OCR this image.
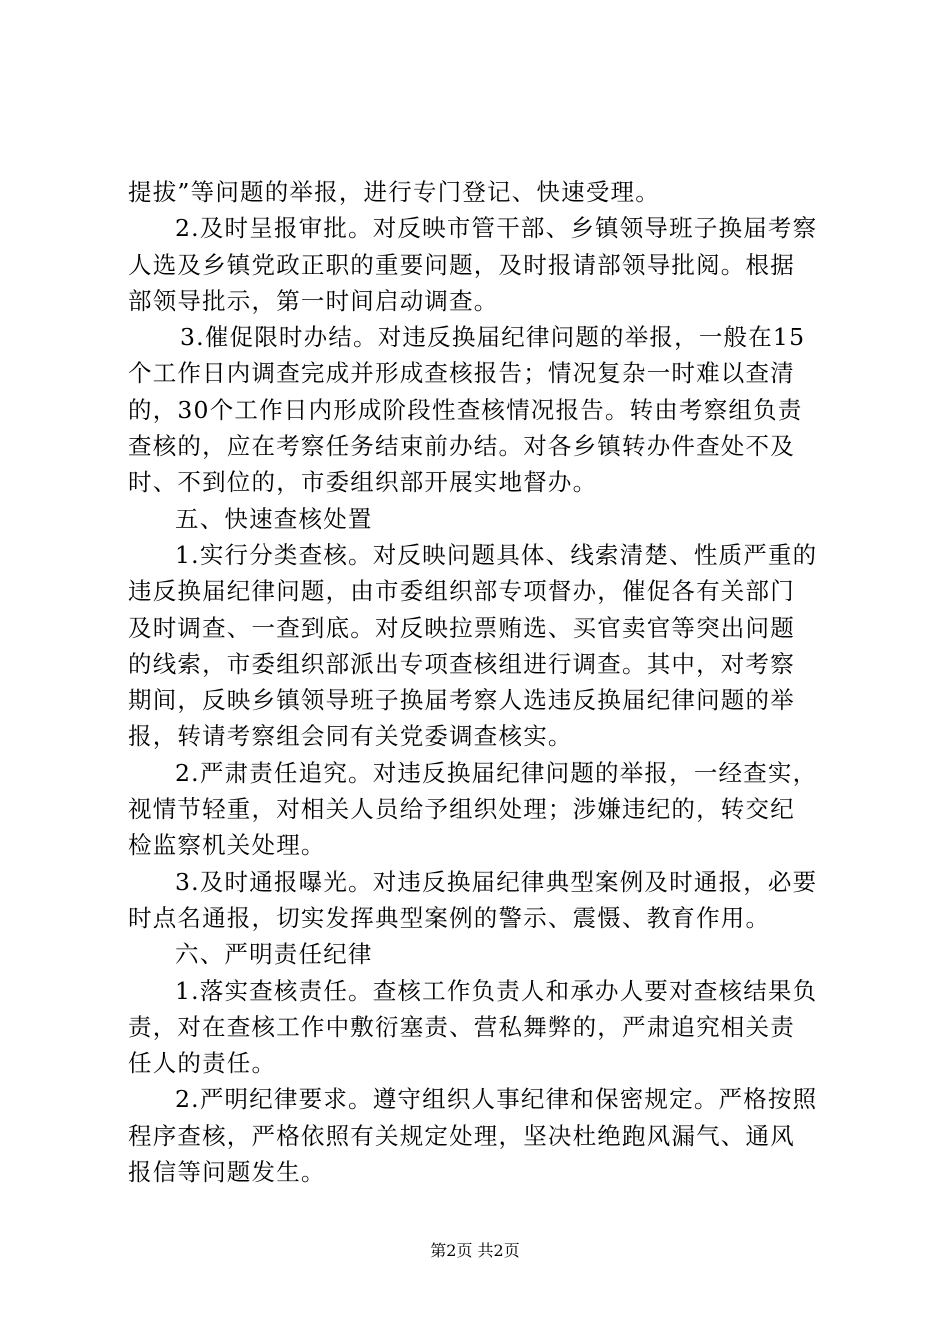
提拔”等问题的举报，进行专门登记、快速受理。
2.及时呈报审批。对反映市管干部、乡镇领导班子换届考察
人选及乡镇党政正职的重要问题，及时报请部领导批阅。根据
部领导批示，第一时间启动调查。
3.催促限时办结。对违反换届纪律问题的举报，一般在15
个工作日内调查完成并形成查核报告；情况复杂一时难以查清
的，30个工作日内形成阶段性查核情况报告。转由考察组负责
查核的，应在考察任务结束前办结。对各乡镇转办件查处不及
时、不到位的，市委组织部开展实地督办。
五、快速查核处置
1.实行分类查核。对反映问题具体、线索清楚、性质严重的
违反换届纪律问题，由市委组织部专项督办，催促各有关部门
及时调查、一查到底。对反映拉票贿选、买官卖官等突出问题
的线索，市委组织部派出专项查核组进行调查。其中，对考察
期间，反映乡镇领导班子换届考察人选违反换届纪律问题的举
报，转请考察组会同有关党委调查核实。
2.严肃责任追究。对违反换届纪律问题的举报，一经查实，
视情节轻重，对相关人员给予组织处理；涉嫌违纪的，转交纪
检监察机关处理。
3.及时通报曝光。对违反换届纪律典型案例及时通报，必要
时点名通报，切实发挥典型案例的警示、震慑、教育作用。
六、严明责任纪律
1.落实查核责任。查核工作负责人和承办人要对查核结果负
责，对在查核工作中敷衍塞责、营私舞弊的，严肃追究相关责
任人的责任。
2.严明纪律要求。遵守组织人事纪律和保密规定。严格按照
程序查核，严格依照有关规定处理，坚决杜绝跑风漏气、通风
报信等问题发生。
第2页 共2页
